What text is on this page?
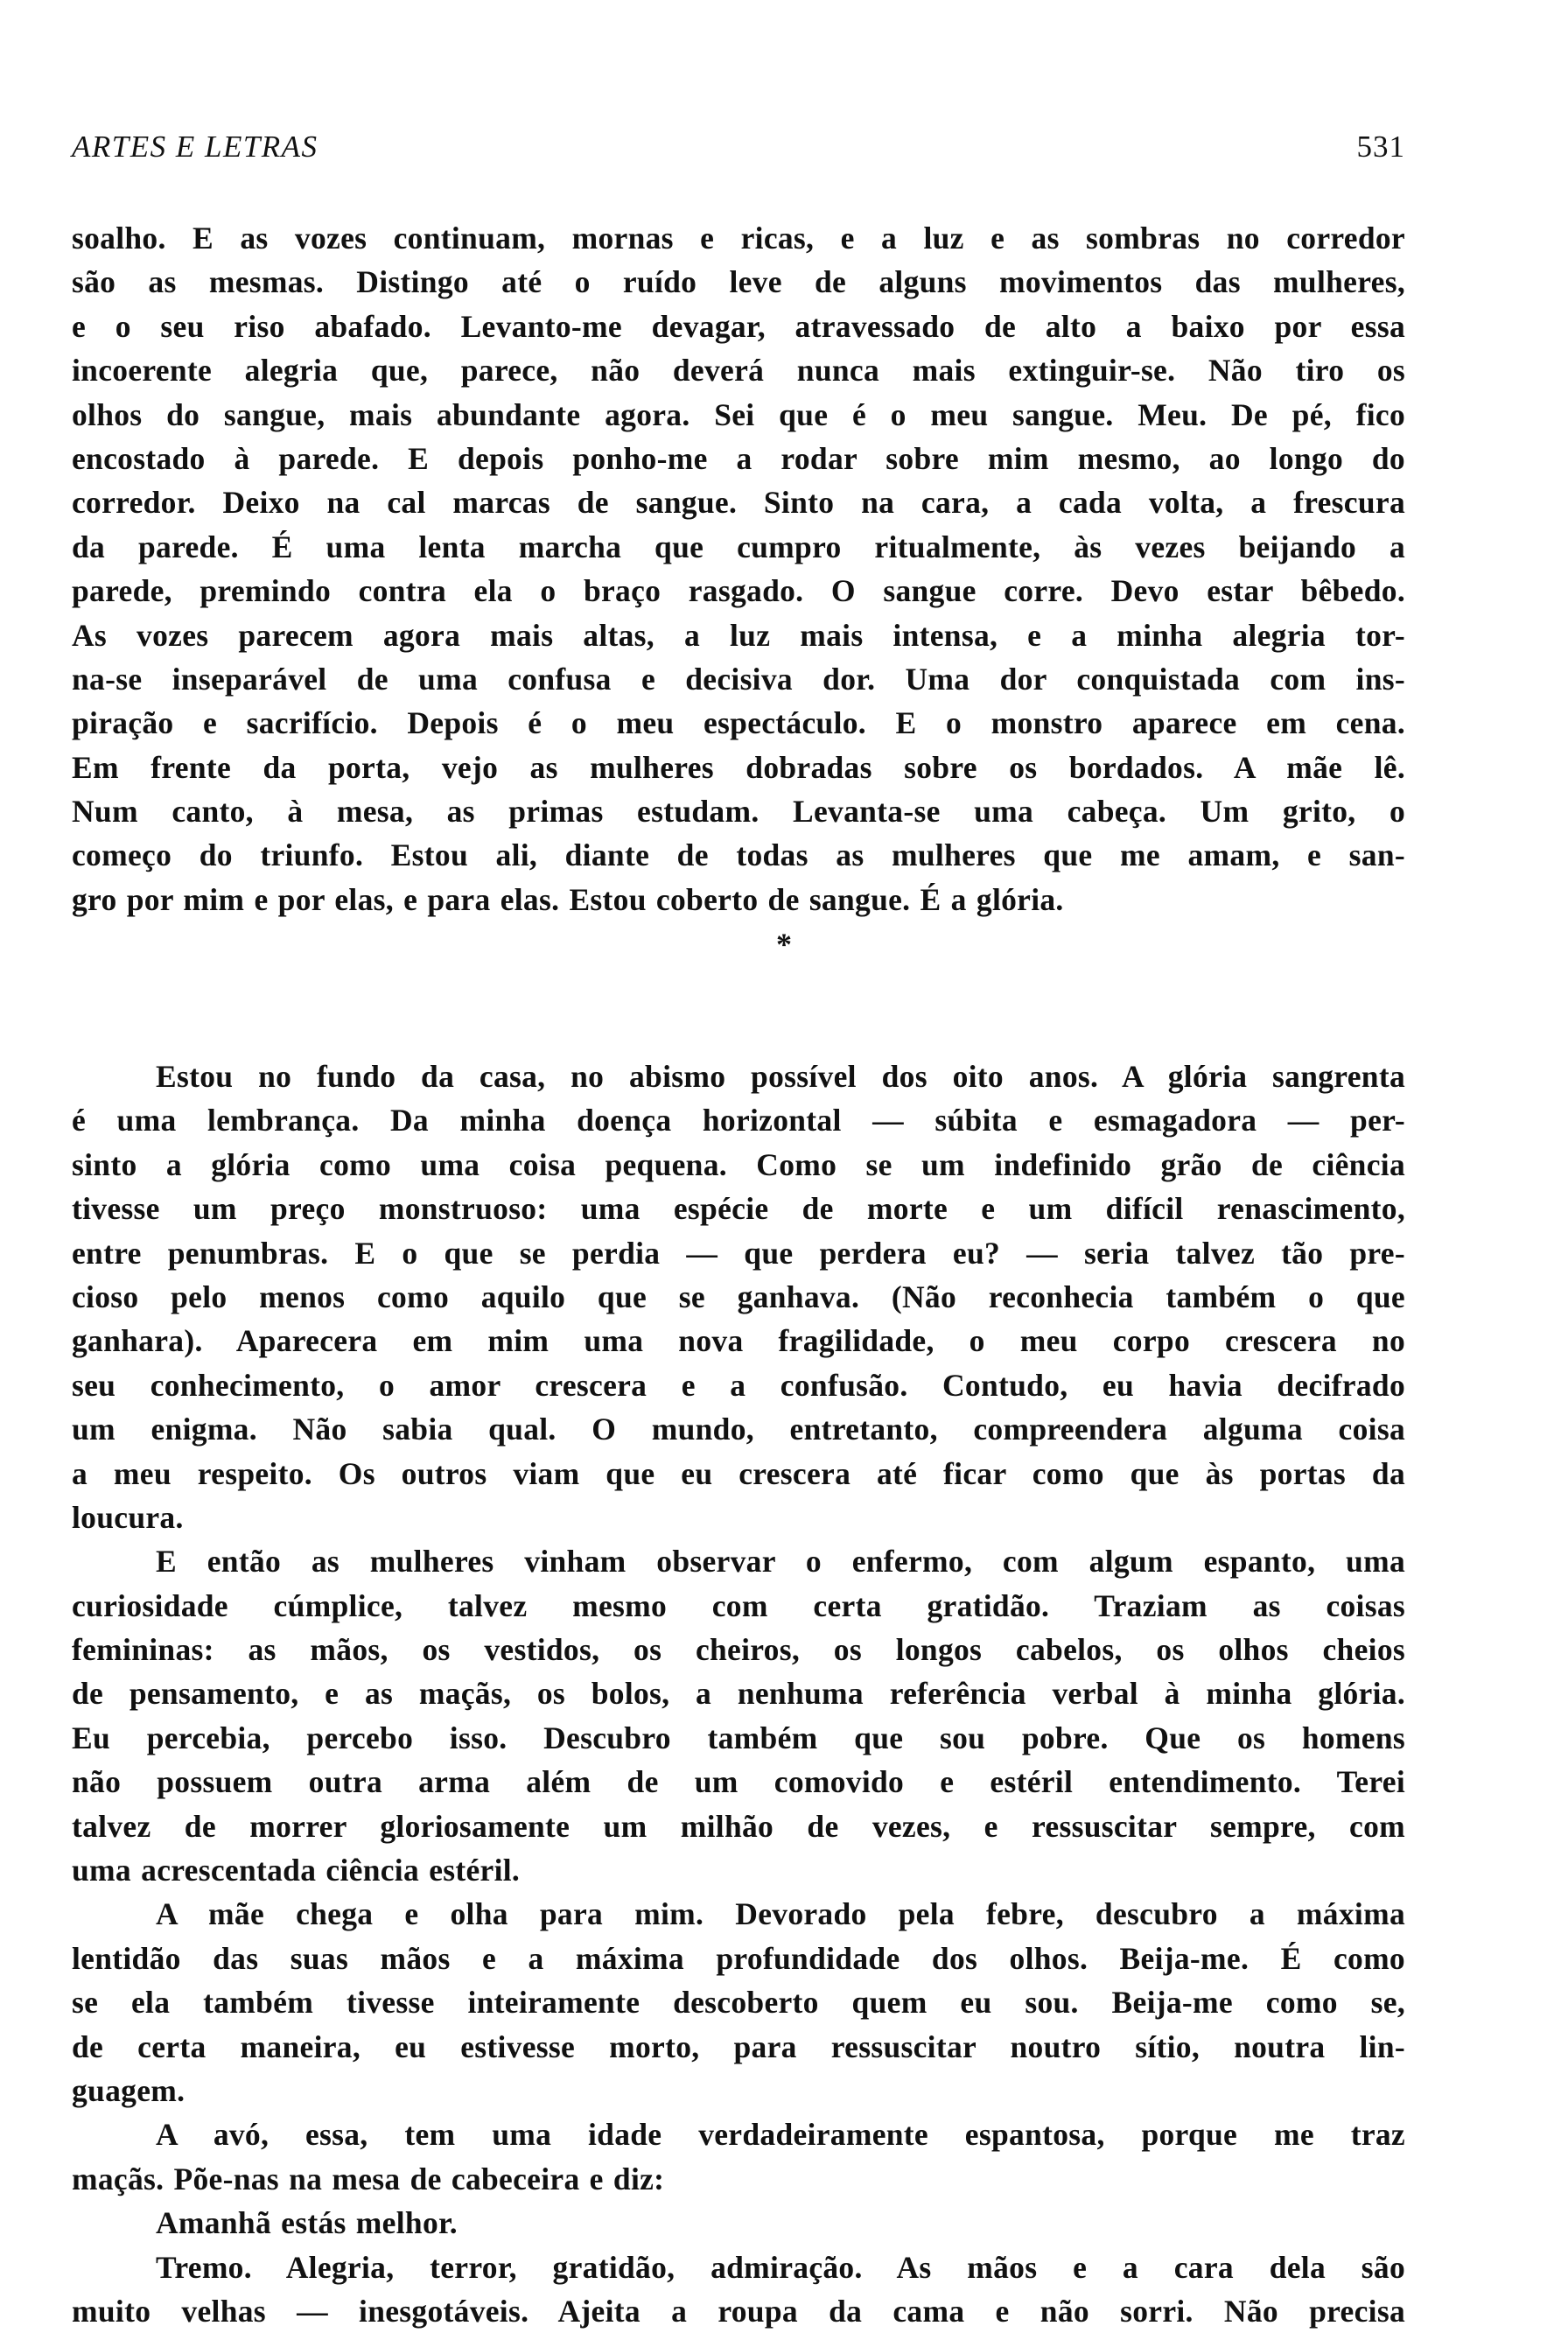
ARTES E LETRAS	531
soalho. E as vozes continuam, mornas e ricas, e a luz e as sombras no corredor
são as mesmas. Distingo até o ruído leve de alguns movimentos das mulheres,
e o seu riso abafado. Levanto-me devagar, atravessado de alto a baixo por essa
incoerente alegria que, parece, não deverá nunca mais extinguir-se. Não tiro os
olhos do sangue, mais abundante agora. Sei que é o meu sangue. Meu. De pé, fico
encostado à parede. E depois ponho-me a rodar sobre mim mesmo, ao longo do
corredor. Deixo na cal marcas de sangue. Sinto na cara, a cada volta, a frescura
da parede. É uma lenta marcha que cumpro ritualmente, às vezes beijando a
parede, premindo contra ela o braço rasgado. O sangue corre. Devo estar bêbedo.
As vozes parecem agora mais altas, a luz mais intensa, e a minha alegria tor-
na-se inseparável de uma confusa e decisiva dor. Uma dor conquistada com ins-
piração e sacrifício. Depois é o meu espectáculo. E o monstro aparece em cena.
Em frente da porta, vejo as mulheres dobradas sobre os bordados. A mãe lê.
Num canto, à mesa, as primas estudam. Levanta-se uma cabeça. Um grito, o
começo do triunfo. Estou ali, diante de todas as mulheres que me amam, e san-
gro por mim e por elas, e para elas. Estou coberto de sangue. É a glória.
*
Estou no fundo da casa, no abismo possível dos oito anos. A glória sangrenta
é uma lembrança. Da minha doença horizontal — súbita e esmagadora — per-
sinto a glória como uma coisa pequena. Como se um indefinido grão de ciência
tivesse um preço monstruoso: uma espécie de morte e um difícil renascimento,
entre penumbras. E o que se perdia — que perdera eu? — seria talvez tão pre-
cioso pelo menos como aquilo que se ganhava. (Não reconhecia também o que
ganhara). Aparecera em mim uma nova fragilidade, o meu corpo crescera no
seu conhecimento, o amor crescera e a confusão. Contudo, eu havia decifrado
um enigma. Não sabia qual. O mundo, entretanto, compreendera alguma coisa
a meu respeito. Os outros viam que eu crescera até ficar como que às portas da
loucura.
E então as mulheres vinham observar o enfermo, com algum espanto, uma
curiosidade cúmplice, talvez mesmo com certa gratidão. Traziam as coisas
femininas: as mãos, os vestidos, os cheiros, os longos cabelos, os olhos cheios
de pensamento, e as maçãs, os bolos, a nenhuma referência verbal à minha glória.
Eu percebia, percebo isso. Descubro também que sou pobre. Que os homens
não possuem outra arma além de um comovido e estéril entendimento. Terei
talvez de morrer gloriosamente um milhão de vezes, e ressuscitar sempre, com
uma acrescentada ciência estéril.
A mãe chega e olha para mim. Devorado pela febre, descubro a máxima
lentidão das suas mãos e a máxima profundidade dos olhos. Beija-me. É como
se ela também tivesse inteiramente descoberto quem eu sou. Beija-me como se,
de certa maneira, eu estivesse morto, para ressuscitar noutro sítio, noutra lin-
guagem.
A avó, essa, tem uma idade verdadeiramente espantosa, porque me traz
maçãs. Põe-nas na mesa de cabeceira e diz:
Amanhã estás melhor.
Tremo. Alegria, terror, gratidão, admiração. As mãos e a cara dela são
muito velhas — inesgotáveis. Ajeita a roupa da cama e não sorri. Não precisa
